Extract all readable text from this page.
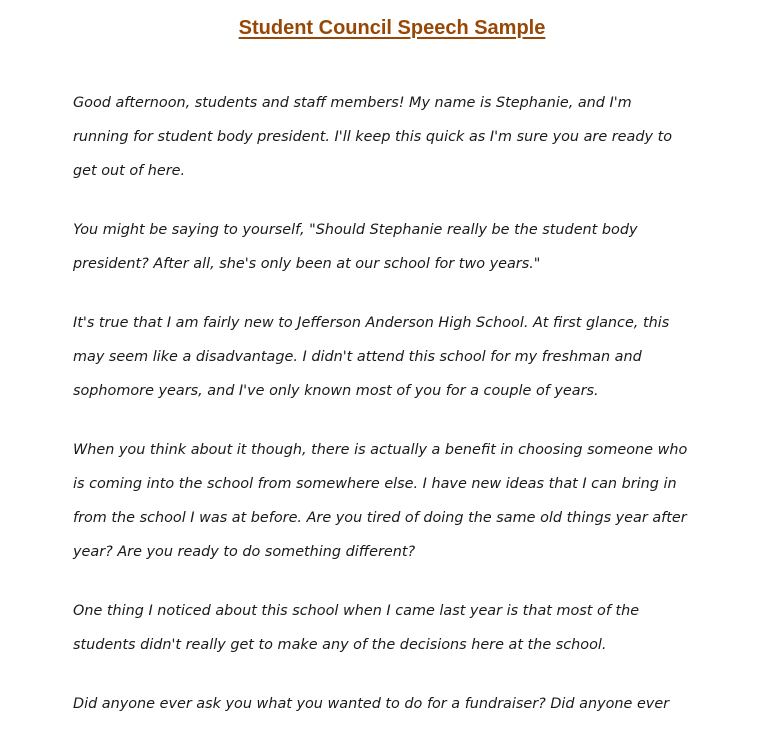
Student Council Speech Sample

Good afternoon, students and staff members! My name is Stephanie, and I'm
running for student body president. I'll keep this quick as I'm sure you are ready to
get out of here.

You might be saying to yourself, "Should Stephanie really be the student body
president? After all, she's only been at our school for two years."

It's true that I am fairly new to Jefferson Anderson High School. At first glance, this
may seem like a disadvantage. I didn't attend this school for my freshman and
sophomore years, and I've only known most of you for a couple of years.

When you think about it though, there is actually a benefit in choosing someone who
is coming into the school from somewhere else. I have new ideas that I can bring in
from the school I was at before. Are you tired of doing the same old things year after
year? Are you ready to do something different?

One thing I noticed about this school when I came last year is that most of the
students didn't really get to make any of the decisions here at the school.

Did anyone ever ask you what you wanted to do for a fundraiser? Did anyone ever
